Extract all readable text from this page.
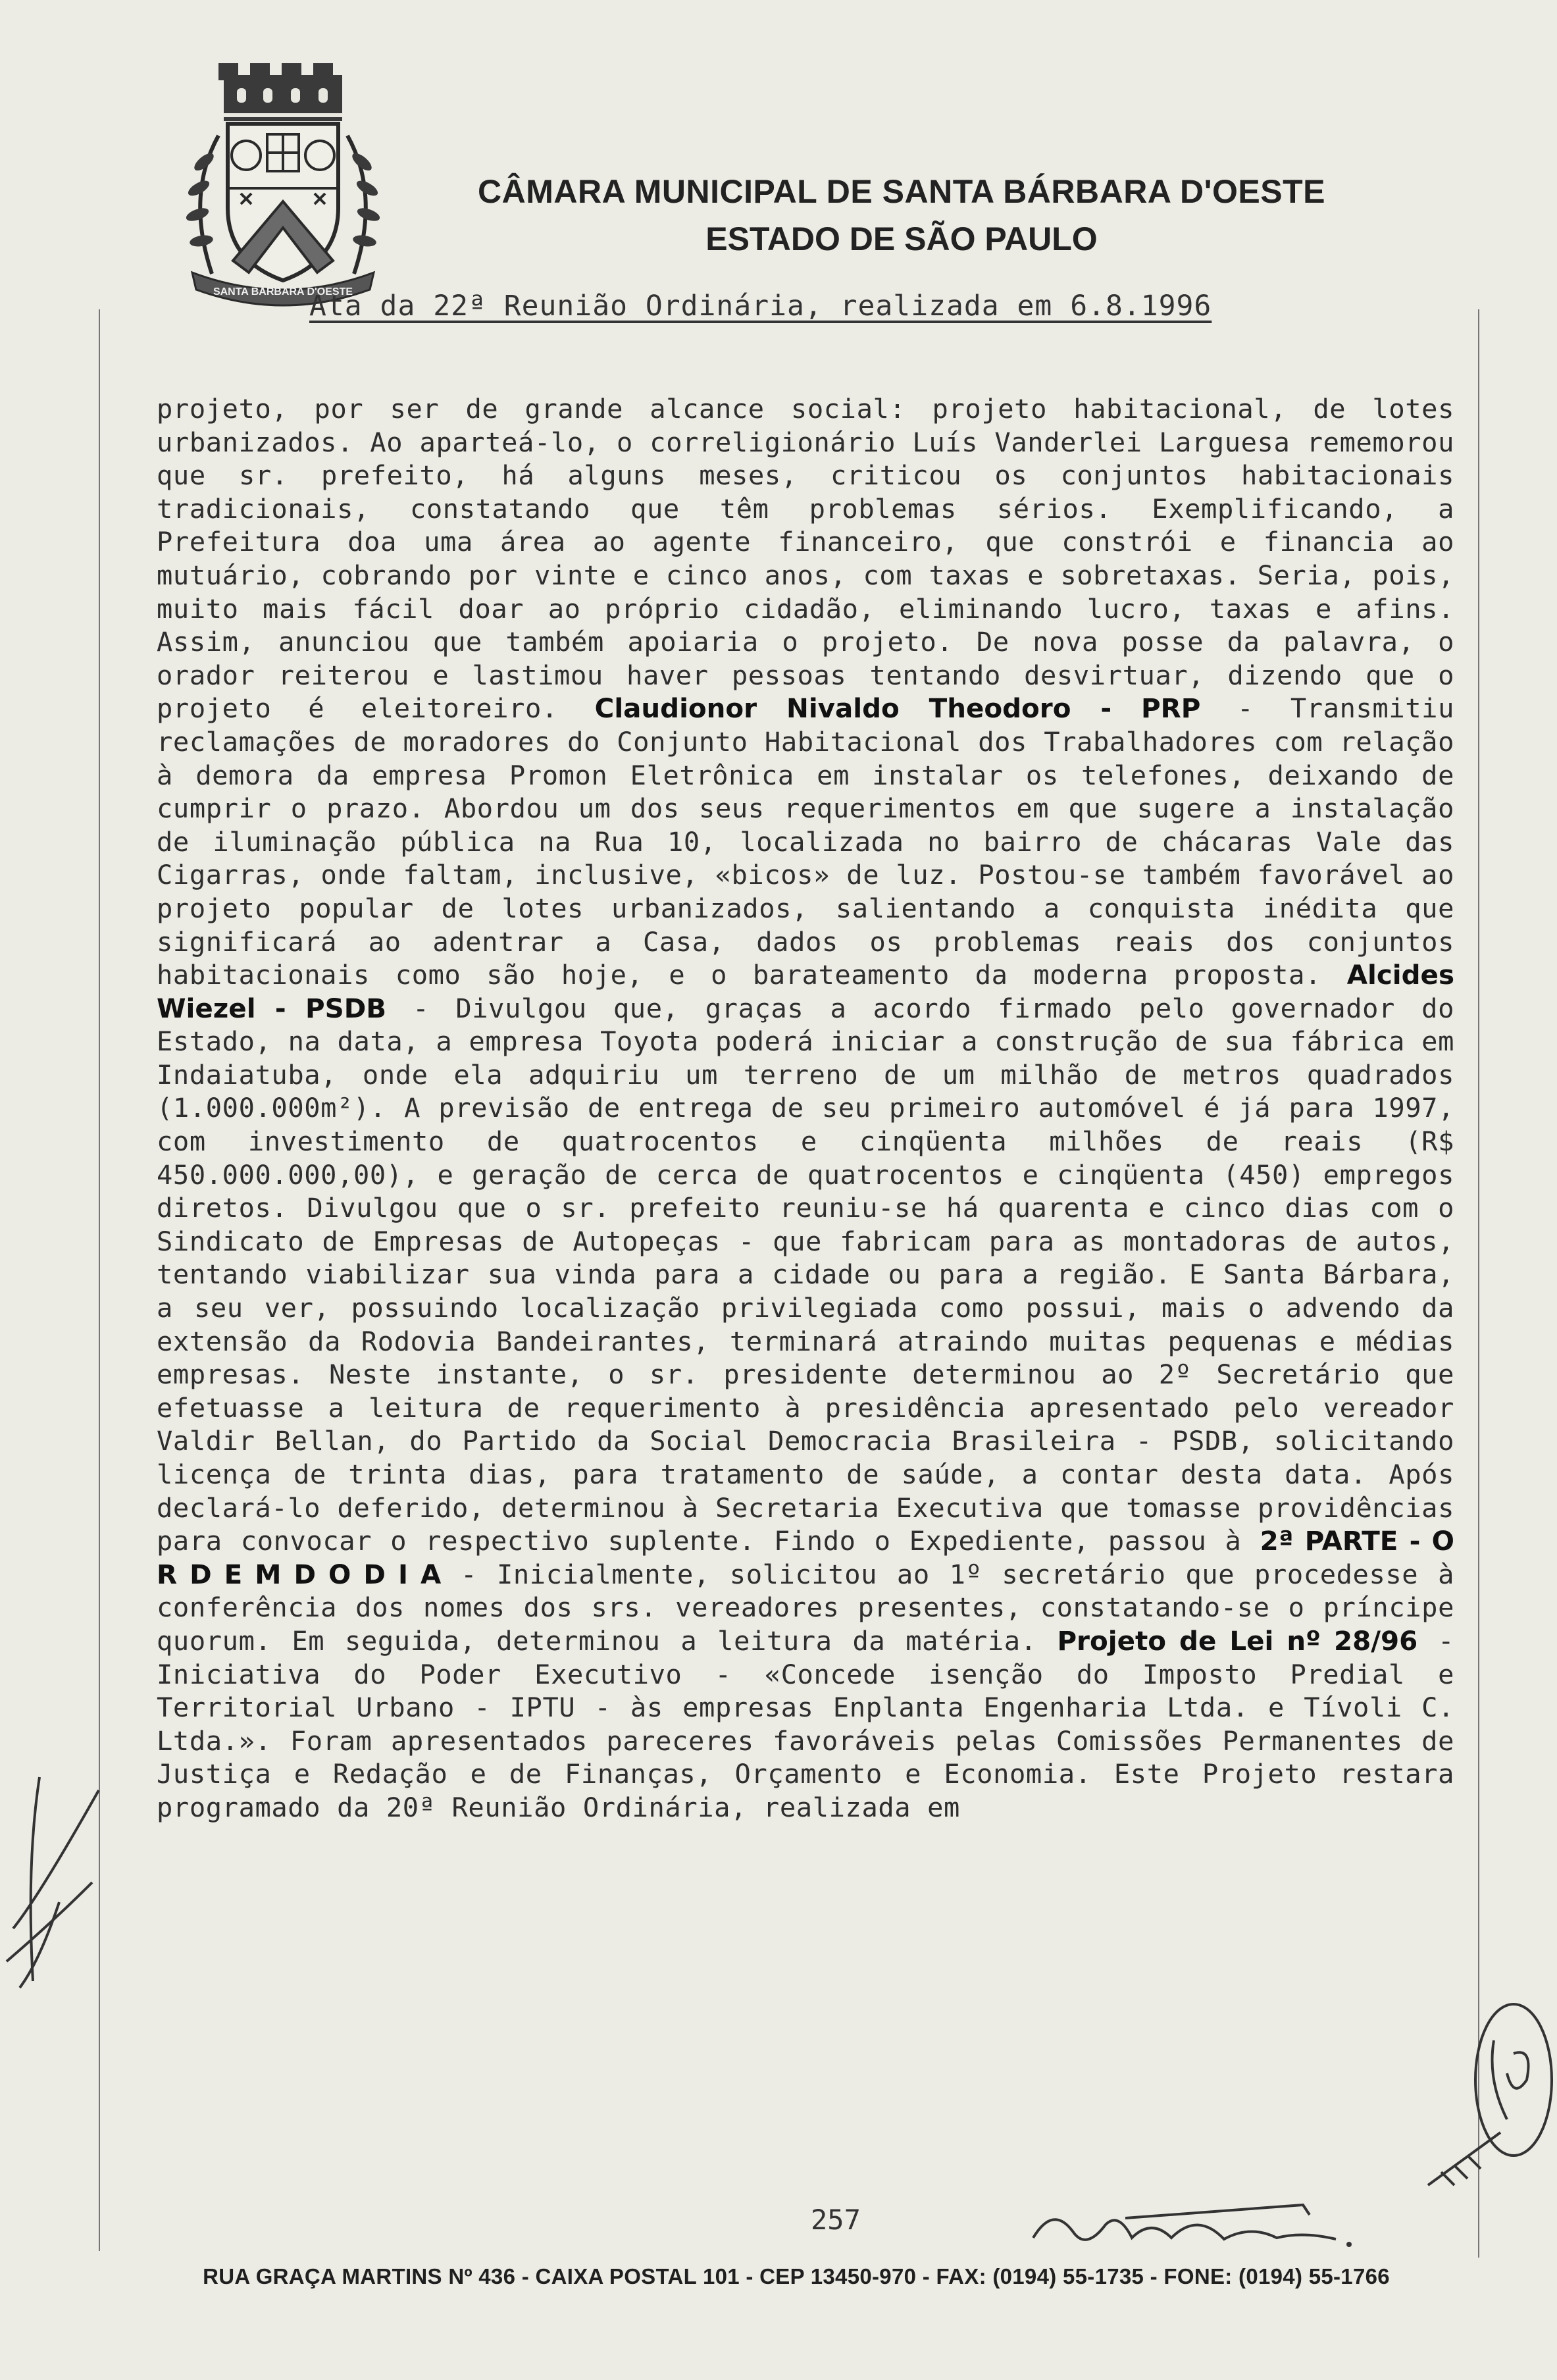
SANTA BARBARA D'OESTE
CÂMARA MUNICIPAL DE SANTA BÁRBARA D'OESTE
ESTADO DE SÃO PAULO
Ata da 22ª Reunião Ordinária, realizada em 6.8.1996
projeto, por ser de grande alcance social: projeto habitacional, de lotes urbanizados. Ao aparteá-lo, o correligionário Luís Vanderlei Larguesa rememorou que sr. prefeito, há alguns meses, criticou os conjuntos habitacionais tradicionais, constatando que têm problemas sérios. Exemplificando, a Prefeitura doa uma área ao agente financeiro, que constrói e financia ao mutuário, cobrando por vinte e cinco anos, com taxas e sobretaxas. Seria, pois, muito mais fácil doar ao próprio cidadão, eliminando lucro, taxas e afins. Assim, anunciou que também apoiaria o projeto. De nova posse da palavra, o orador reiterou e lastimou haver pessoas tentando desvirtuar, dizendo que o projeto é eleitoreiro. Claudionor Nivaldo Theodoro - PRP - Transmitiu reclamações de moradores do Conjunto Habitacional dos Trabalhadores com relação à demora da empresa Promon Eletrônica em instalar os telefones, deixando de cumprir o prazo. Abordou um dos seus requerimentos em que sugere a instalação de iluminação pública na Rua 10, localizada no bairro de chácaras Vale das Cigarras, onde faltam, inclusive, «bicos» de luz. Postou-se também favorável ao projeto popular de lotes urbanizados, salientando a conquista inédita que significará ao adentrar a Casa, dados os problemas reais dos conjuntos habitacionais como são hoje, e o barateamento da moderna proposta. Alcides Wiezel - PSDB - Divulgou que, graças a acordo firmado pelo governador do Estado, na data, a empresa Toyota poderá iniciar a construção de sua fábrica em Indaiatuba, onde ela adquiriu um terreno de um milhão de metros quadrados (1.000.000m²). A previsão de entrega de seu primeiro automóvel é já para 1997, com investimento de quatrocentos e cinqüenta milhões de reais (R$ 450.000.000,00), e geração de cerca de quatrocentos e cinqüenta (450) empregos diretos. Divulgou que o sr. prefeito reuniu-se há quarenta e cinco dias com o Sindicato de Empresas de Autopeças - que fabricam para as montadoras de autos, tentando viabilizar sua vinda para a cidade ou para a região. E Santa Bárbara, a seu ver, possuindo localização privilegiada como possui, mais o advendo da extensão da Rodovia Bandeirantes, terminará atraindo muitas pequenas e médias empresas. Neste instante, o sr. presidente determinou ao 2º Secretário que efetuasse a leitura de requerimento à presidência apresentado pelo vereador Valdir Bellan, do Partido da Social Democracia Brasileira - PSDB, solicitando licença de trinta dias, para tratamento de saúde, a contar desta data. Após declará-lo deferido, determinou à Secretaria Executiva que tomasse providências para convocar o respectivo suplente. Findo o Expediente, passou à 2ª PARTE - O R D E M D O D I A - Inicialmente, solicitou ao 1º secretário que procedesse à conferência dos nomes dos srs. vereadores presentes, constatando-se o príncipe quorum. Em seguida, determinou a leitura da matéria. Projeto de Lei nº 28/96 - Iniciativa do Poder Executivo - «Concede isenção do Imposto Predial e Territorial Urbano - IPTU - às empresas Enplanta Engenharia Ltda. e Tívoli C. Ltda.». Foram apresentados pareceres favoráveis pelas Comissões Permanentes de Justiça e Redação e de Finanças, Orçamento e Economia. Este Projeto restara programado da 20ª Reunião Ordinária, realizada em
257
RUA GRAÇA MARTINS Nº 436 - CAIXA POSTAL 101 - CEP 13450-970 - FAX: (0194) 55-1735 - FONE: (0194) 55-1766
